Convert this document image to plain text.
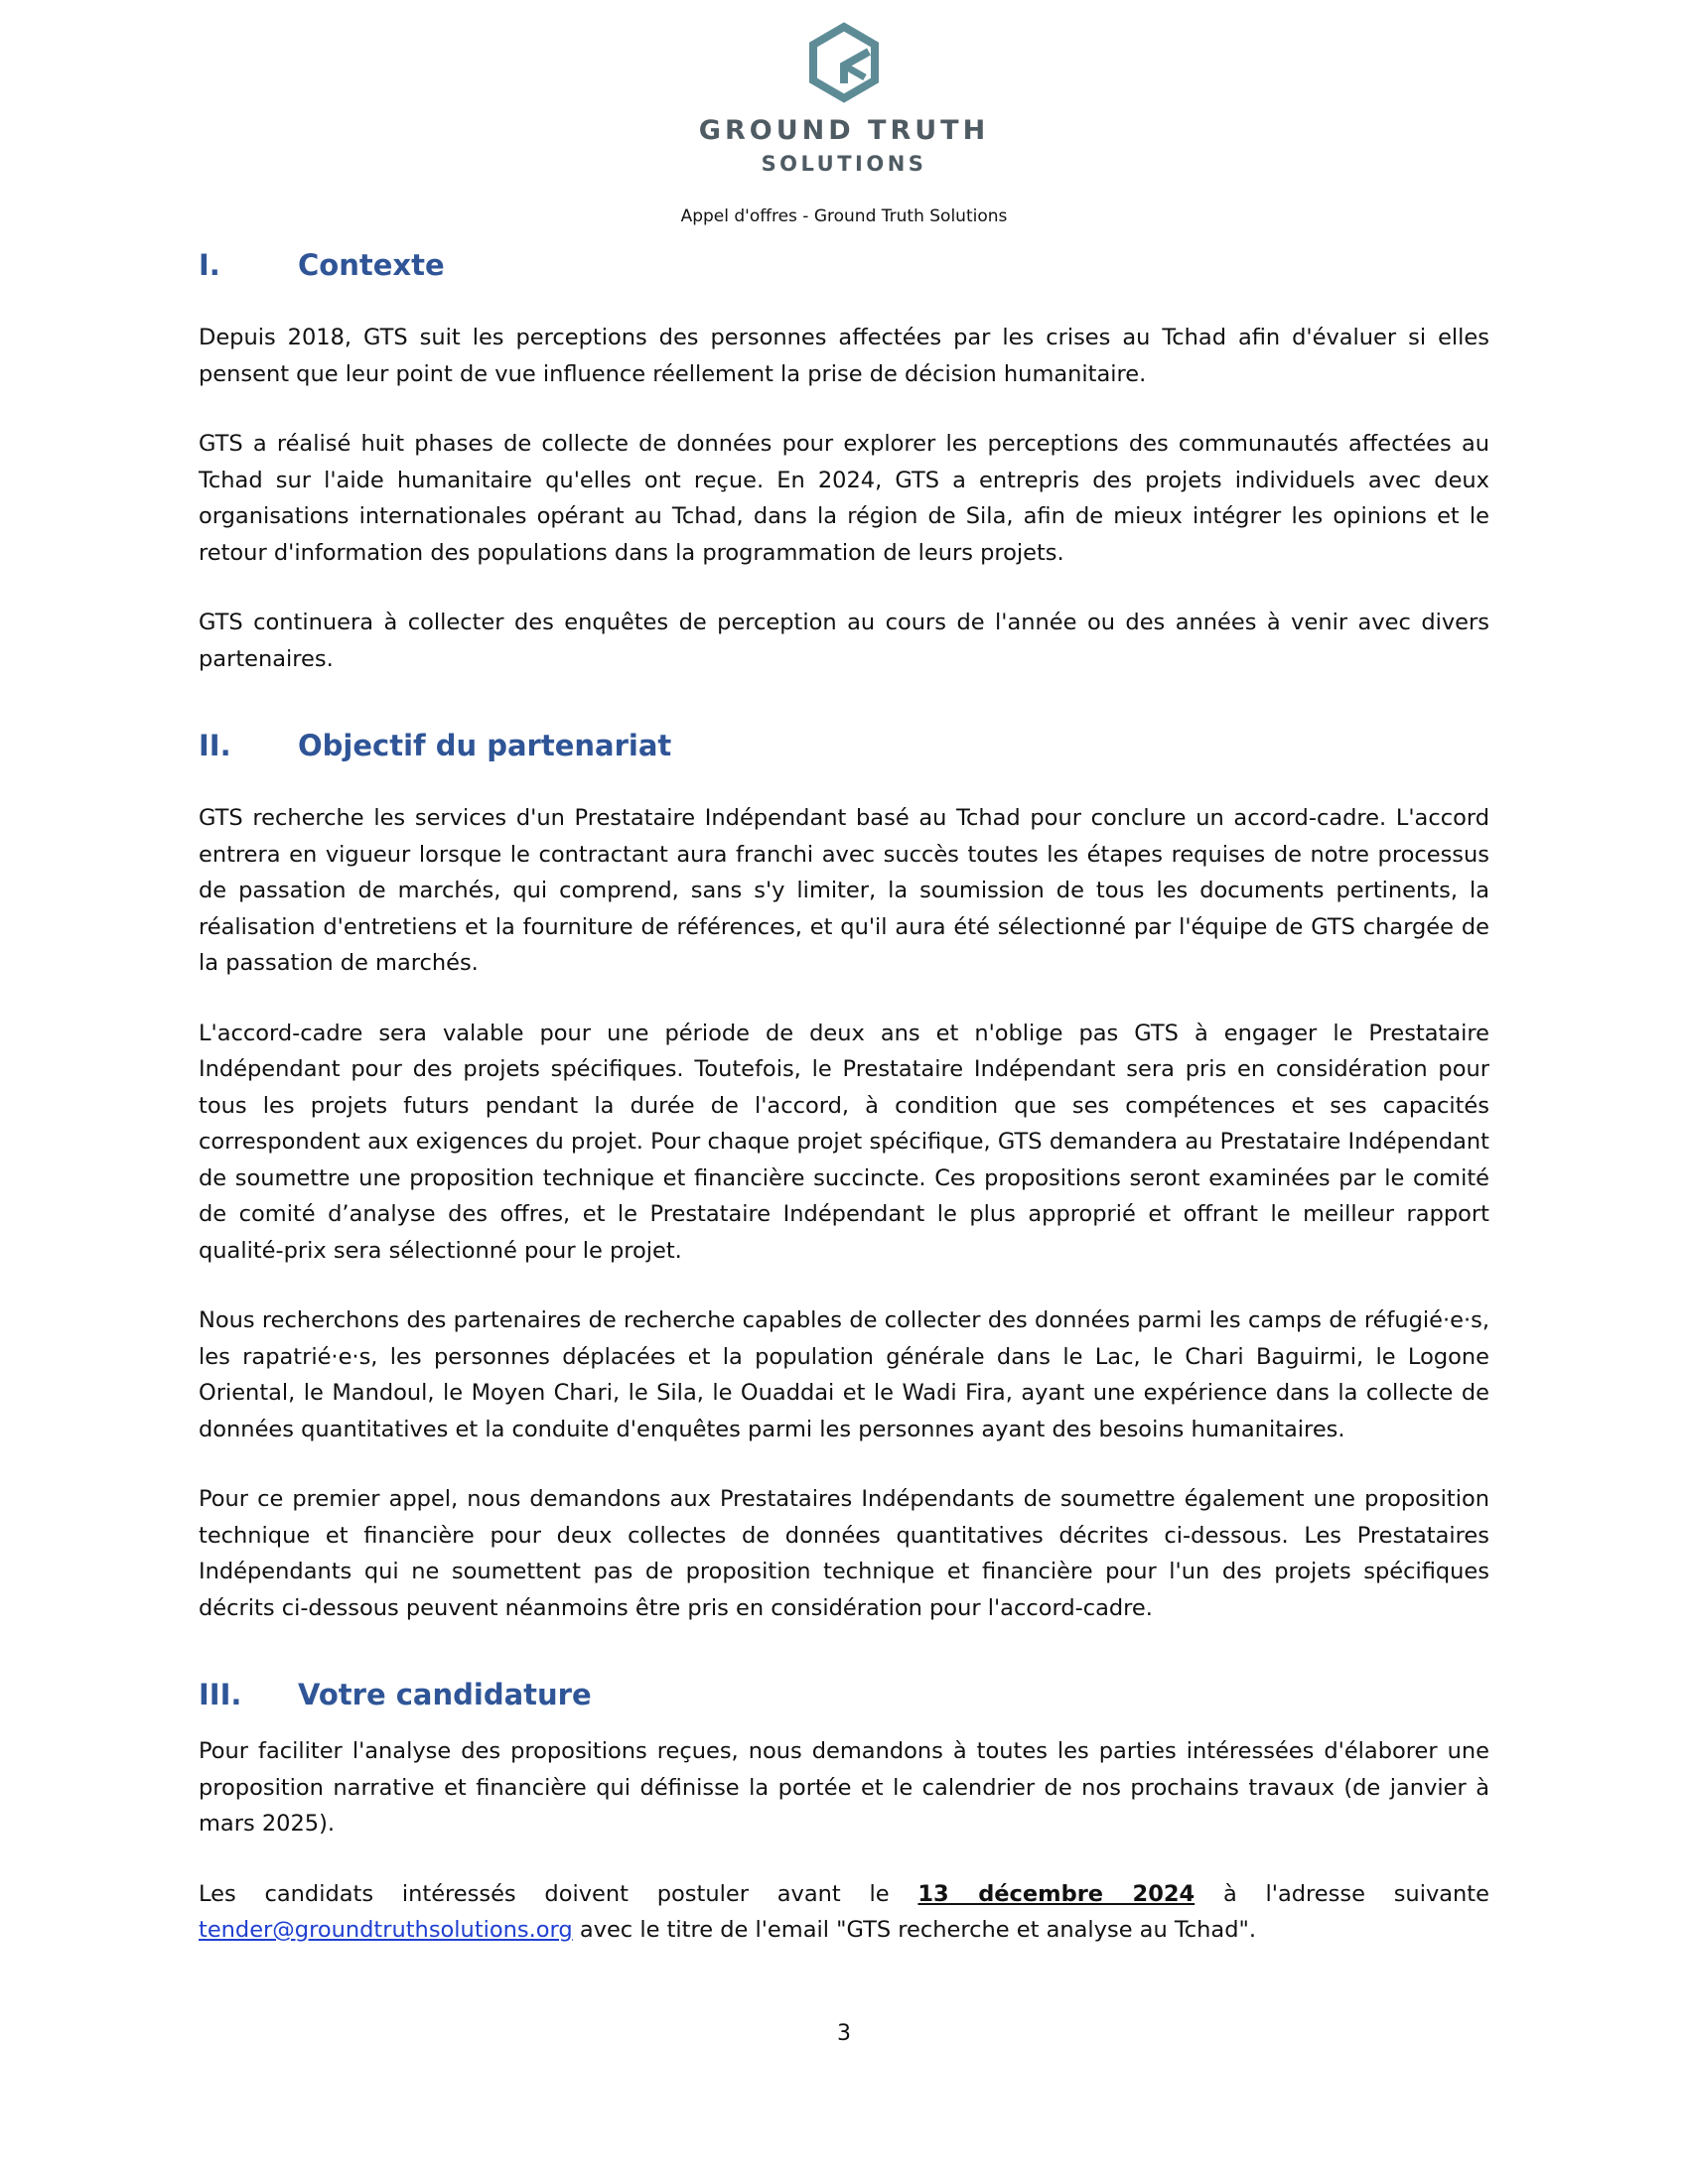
GROUND TRUTH
SOLUTIONS
Appel d'offres - Ground Truth Solutions
I.	Contexte

Depuis 2018, GTS suit les perceptions des personnes affectées par les crises au Tchad afin d'évaluer si elles pensent que leur point de vue influence réellement la prise de décision humanitaire.

GTS a réalisé huit phases de collecte de données pour explorer les perceptions des communautés affectées au Tchad sur l'aide humanitaire qu'elles ont reçue. En 2024, GTS a entrepris des projets individuels avec deux organisations internationales opérant au Tchad, dans la région de Sila, afin de mieux intégrer les opinions et le retour d'information des populations dans la programmation de leurs projets.

GTS continuera à collecter des enquêtes de perception au cours de l'année ou des années à venir avec divers partenaires.

II.	Objectif du partenariat

GTS recherche les services d'un Prestataire Indépendant basé au Tchad pour conclure un accord-cadre. L'accord entrera en vigueur lorsque le contractant aura franchi avec succès toutes les étapes requises de notre processus de passation de marchés, qui comprend, sans s'y limiter, la soumission de tous les documents pertinents, la réalisation d'entretiens et la fourniture de références, et qu'il aura été sélectionné par l'équipe de GTS chargée de la passation de marchés.

L'accord-cadre sera valable pour une période de deux ans et n'oblige pas GTS à engager le Prestataire Indépendant pour des projets spécifiques. Toutefois, le Prestataire Indépendant sera pris en considération pour tous les projets futurs pendant la durée de l'accord, à condition que ses compétences et ses capacités correspondent aux exigences du projet. Pour chaque projet spécifique, GTS demandera au Prestataire Indépendant de soumettre une proposition technique et financière succincte. Ces propositions seront examinées par le comité de comité d’analyse des offres, et le Prestataire Indépendant le plus approprié et offrant le meilleur rapport qualité-prix sera sélectionné pour le projet.

Nous recherchons des partenaires de recherche capables de collecter des données parmi les camps de réfugié·e·s, les rapatrié·e·s, les personnes déplacées et la population générale dans le Lac, le Chari Baguirmi, le Logone Oriental, le Mandoul, le Moyen Chari, le Sila, le Ouaddai et le Wadi Fira, ayant une expérience dans la collecte de données quantitatives et la conduite d'enquêtes parmi les personnes ayant des besoins humanitaires.

Pour ce premier appel, nous demandons aux Prestataires Indépendants de soumettre également une proposition technique et financière pour deux collectes de données quantitatives décrites ci-dessous. Les Prestataires Indépendants qui ne soumettent pas de proposition technique et financière pour l'un des projets spécifiques décrits ci-dessous peuvent néanmoins être pris en considération pour l'accord-cadre.

III.	Votre candidature

Pour faciliter l'analyse des propositions reçues, nous demandons à toutes les parties intéressées d'élaborer une proposition narrative et financière qui définisse la portée et le calendrier de nos prochains travaux (de janvier à mars 2025).

Les candidats intéressés doivent postuler avant le 13 décembre 2024 à l'adresse suivante tender@groundtruthsolutions.org avec le titre de l'email "GTS recherche et analyse au Tchad".

3
